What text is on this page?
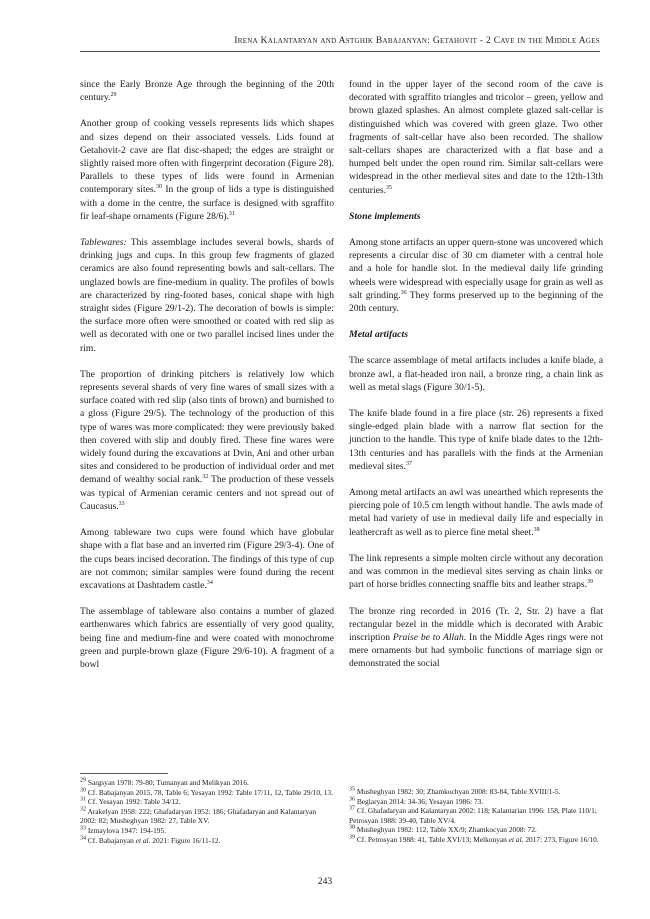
Irena Kalantaryan and Astghik Babajanyan: Getahovit - 2 Cave in the Middle Ages

since the Early Bronze Age through the beginning of the 20th century.$^{29}$

Another group of cooking vessels represents lids which shapes and sizes depend on their associated vessels. Lids found at Getahovit-2 cave are flat disc-shaped; the edges are straight or slightly raised more often with fingerprint decoration (Figure 28). Parallels to these types of lids were found in Armenian contemporary sites.$^{30}$ In the group of lids a type is distinguished with a dome in the centre, the surface is designed with sgraffito fir leaf-shape ornaments (Figure 28/6).$^{31}$

Tablewares: This assemblage includes several bowls, shards of drinking jugs and cups. In this group few fragments of glazed ceramics are also found representing bowls and salt-cellars. The unglazed bowls are fine-medium in quality. The profiles of bowls are characterized by ring-footed bases, conical shape with high straight sides (Figure 29/1-2). The decoration of bowls is simple: the surface more often were smoothed or coated with red slip as well as decorated with one or two parallel incised lines under the rim.

The proportion of drinking pitchers is relatively low which represents several shards of very fine wares of small sizes with a surface coated with red slip (also tints of brown) and burnished to a gloss (Figure 29/5). The technology of the production of this type of wares was more complicated: they were previously baked then covered with slip and doubly fired. These fine wares were widely found during the excavations at Dvin, Ani and other urban sites and considered to be production of individual order and met demand of wealthy social rank.$^{32}$ The production of these vessels was typical of Armenian ceramic centers and not spread out of Caucasus.$^{33}$

Among tableware two cups were found which have globular shape with a flat base and an inverted rim (Figure 29/3-4). One of the cups bears incised decoration. The findings of this type of cup are not common; similar samples were found during the recent excavations at Dashtadem castle.$^{34}$

The assemblage of tableware also contains a number of glazed earthenwares which fabrics are essentially of very good quality, being fine and medium-fine and were coated with monochrome green and purple-brown glaze (Figure 29/6-10). A fragment of a bowl

found in the upper layer of the second room of the cave is decorated with sgraffito triangles and tricolor – green, yellow and brown glazed splashes. An almost complete glazed salt-cellar is distinguished which was covered with green glaze. Two other fragments of salt-cellar have also been recorded. The shallow salt-cellars shapes are characterized with a flat base and a humped belt under the open round rim. Similar salt-cellars were widespread in the other medieval sites and date to the 12th-13th centuries.$^{35}$

Stone implements

Among stone artifacts an upper quern-stone was uncovered which represents a circular disc of 30 cm diameter with a central hole and a hole for handle slot. In the medieval daily life grinding wheels were widespread with especially usage for grain as well as salt grinding.$^{36}$ They forms preserved up to the beginning of the 20th century.

Metal artifacts

The scarce assemblage of metal artifacts includes a knife blade, a bronze awl, a flat-headed iron nail, a bronze ring, a chain link as well as metal slags (Figure 30/1-5).

The knife blade found in a fire place (str. 26) represents a fixed single-edged plain blade with a narrow flat section for the junction to the handle. This type of knife blade dates to the 12th-13th centuries and has parallels with the finds at the Armenian medieval sites.$^{37}$

Among metal artifacts an awl was unearthed which represents the piercing pole of 10.5 cm length without handle. The awls made of metal had variety of use in medieval daily life and especially in leathercraft as well as to pierce fine metal sheet.$^{38}$

The link represents a simple molten circle without any decoration and was common in the medieval sites serving as chain links or part of horse bridles connecting snaffle bits and leather straps.$^{39}$

The bronze ring recorded in 2016 (Tr. 2, Str. 2) have a flat rectangular bezel in the middle which is decorated with Arabic inscription Praise be to Allah. In the Middle Ages rings were not mere ornaments but had symbolic functions of marriage sign or demonstrated the social

$^{29}$ Sargsyan 1978: 79-80; Tumanyan and Melikyan 2016.

$^{30}$ Cf. Babajanyan 2015, 78, Table 6; Yesayan 1992: Table 17/11, 12, Table 29/10, 13.

$^{31}$ Cf. Yesayan 1992: Table 34/12.

$^{32}$ Arakelyan 1958: 222; Ghafadaryan 1952: 186; Ghafadaryan and Kalantaryan 2002: 82; Musheghyan 1982: 27, Table XV.

$^{33}$ Izmaylova 1947: 194-195.

$^{34}$ Cf. Babajanyan et al. 2021: Figure 16/11-12.

$^{35}$ Musheghyan 1982: 30; Zhamkochyan 2008: 83-84, Table XVIII/1-5.

$^{36}$ Beglaryan 2014: 34-36; Yesayan 1986: 73.

$^{37}$ Cf. Ghafadaryan and Kalantaryan 2002: 118; Kalantarian 1996: 158, Plate 110/1; Petrosyan 1988: 39-40, Table XV/4.

$^{38}$ Musheghyan 1982: 112, Table XX/9; Zhamkocyan 2008: 72.

$^{39}$ Cf. Petrosyan 1988: 41, Table XVI/13; Melkonyan et al. 2017: 273, Figure 16/10.

243
